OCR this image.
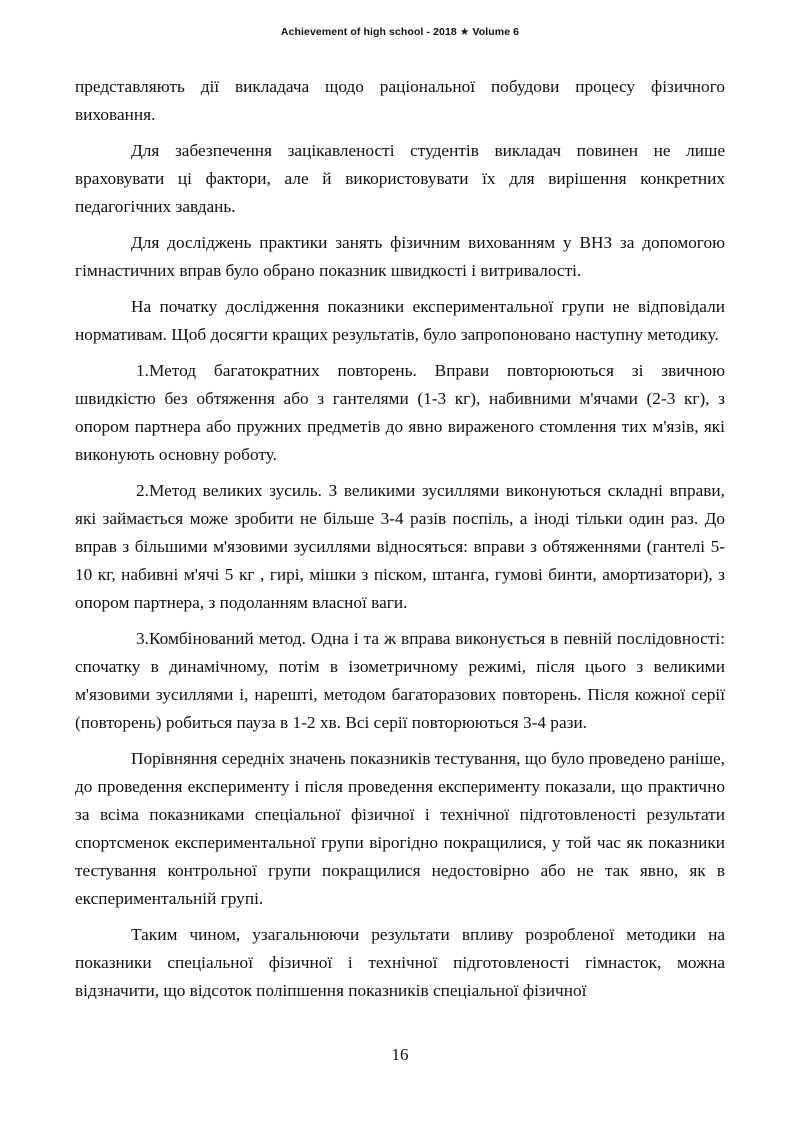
Achievement of high school - 2018 ★ Volume 6

представляють дії викладача щодо раціональної побудови процесу фізичного виховання.

Для забезпечення зацікавленості студентів викладач повинен не лише враховувати ці фактори, але й використовувати їх для вирішення конкретних педагогічних завдань.

Для досліджень практики занять фізичним вихованням у ВНЗ за допомогою гімнастичних вправ було обрано показник швидкості і витривалості.

На початку дослідження показники експериментальної групи не відповідали нормативам. Щоб досягти кращих результатів, було запропоновано наступну методику.

1.Метод багатократних повторень. Вправи повторюються зі звичною швидкістю без обтяження або з гантелями (1-3 кг), набивними м'ячами (2-3 кг), з опором партнера або пружних предметів до явно вираженого стомлення тих м'язів, які виконують основну роботу.

2.Метод великих зусиль. З великими зусиллями виконуються складні вправи, які займається може зробити не більше 3-4 разів поспіль, а іноді тільки один раз. До вправ з більшими м'язовими зусиллями відносяться: вправи з обтяженнями (гантелі 5-10 кг, набивні м'ячі 5 кг , гирі, мішки з піском, штанга, гумові бинти, амортизатори), з опором партнера, з подоланням власної ваги.

3.Комбінований метод. Одна і та ж вправа виконується в певній послідовності: спочатку в динамічному, потім в ізометричному режимі, після цього з великими м'язовими зусиллями і, нарешті, методом багаторазових повторень. Після кожної серії (повторень) робиться пауза в 1-2 хв. Всі серії повторюються 3-4 рази.

Порівняння середніх значень показників тестування, що було проведено раніше, до проведення експерименту і після проведення експерименту показали, що практично за всіма показниками спеціальної фізичної і технічної підготовленості результати спортсменок експериментальної групи вірогідно покращилися, у той час як показники тестування контрольної групи покращилися недостовірно або не так явно, як в експериментальній групі.

Таким чином, узагальнюючи результати впливу розробленої методики на показники спеціальної фізичної і технічної підготовленості гімнасток, можна відзначити, що відсоток поліпшення показників спеціальної фізичної

16
